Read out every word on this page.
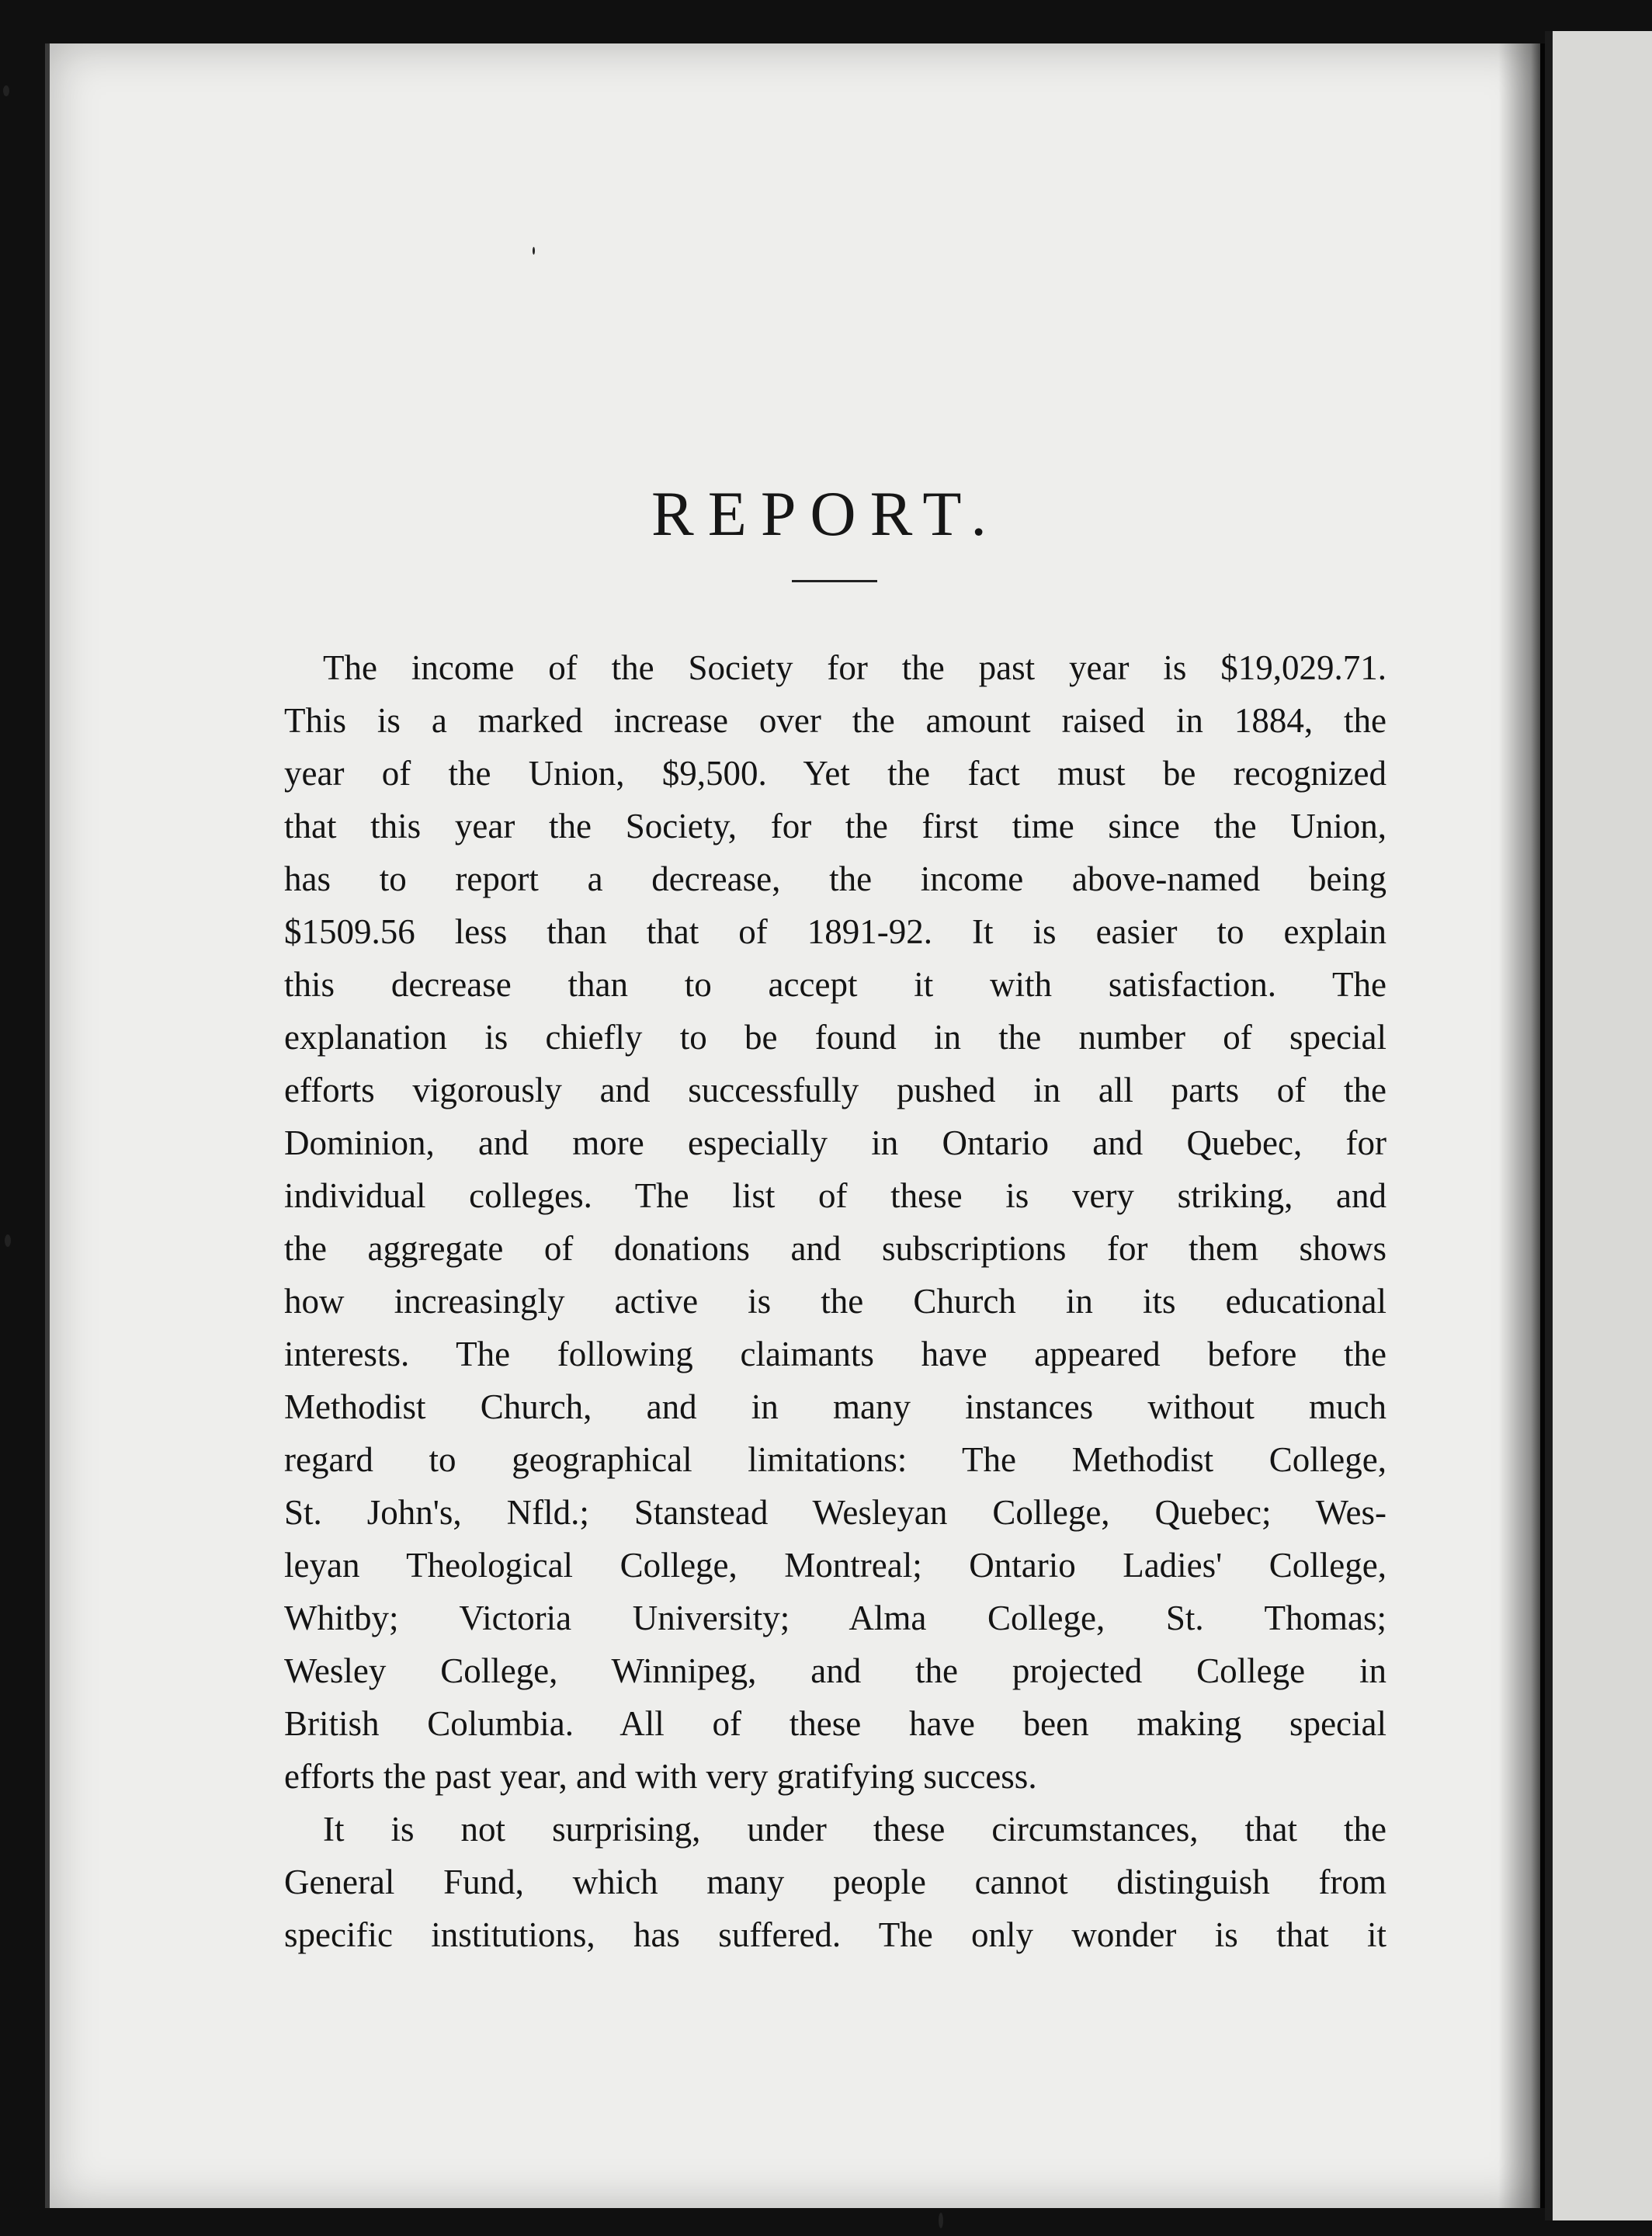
REPORT.
The income of the Society for the past year is $19,029.71.
This is a marked increase over the amount raised in 1884, the
year of the Union, $9,500. Yet the fact must be recognized
that this year the Society, for the first time since the Union,
has to report a decrease, the income above-named being
$1509.56 less than that of 1891-92. It is easier to explain
this decrease than to accept it with satisfaction. The
explanation is chiefly to be found in the number of special
efforts vigorously and successfully pushed in all parts of the
Dominion, and more especially in Ontario and Quebec, for
individual colleges. The list of these is very striking, and
the aggregate of donations and subscriptions for them shows
how increasingly active is the Church in its educational
interests. The following claimants have appeared before the
Methodist Church, and in many instances without much
regard to geographical limitations: The Methodist College,
St. John's, Nfld.; Stanstead Wesleyan College, Quebec; Wes-
leyan Theological College, Montreal; Ontario Ladies' College,
Whitby; Victoria University; Alma College, St. Thomas;
Wesley College, Winnipeg, and the projected College in
British Columbia. All of these have been making special
efforts the past year, and with very gratifying success.
It is not surprising, under these circumstances, that the
General Fund, which many people cannot distinguish from
specific institutions, has suffered. The only wonder is that it
